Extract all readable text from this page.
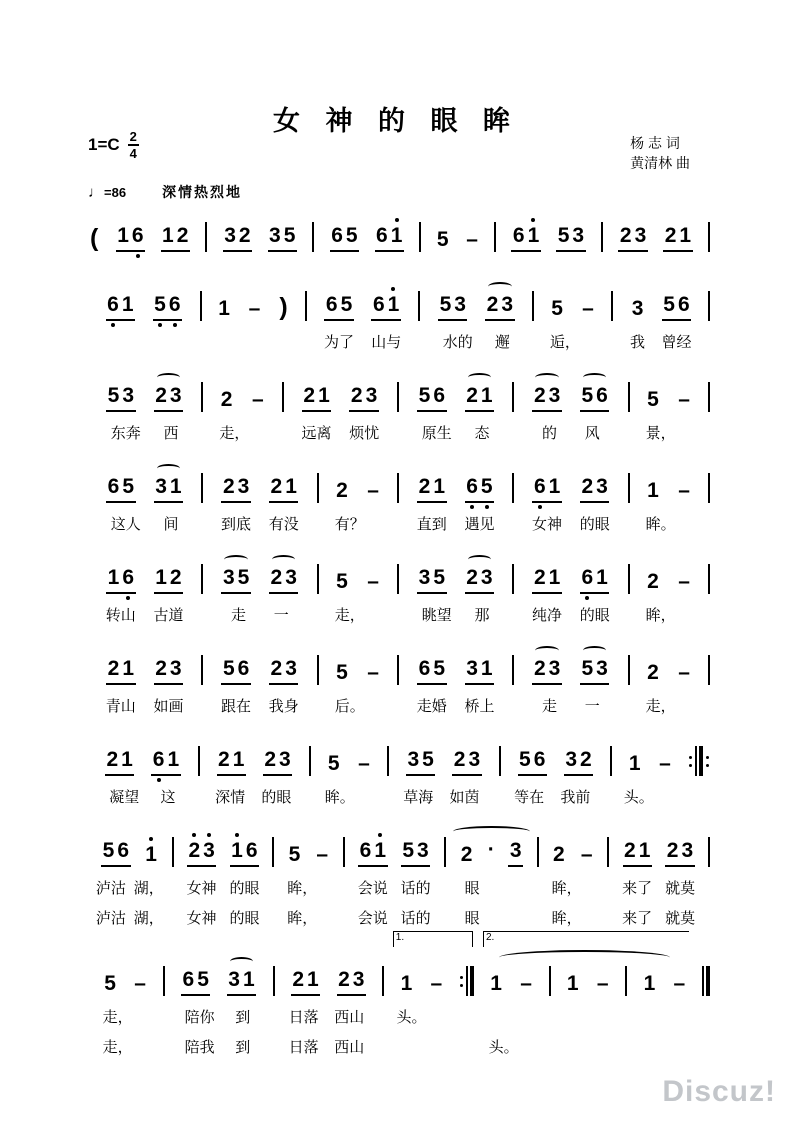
女 神 的 眼 眸
$1=C \frac{2}{4}$	杨 志 词
黄清林 曲
♩ =86	深情热烈地
( 1 6 1 2 3 2 3 5 6 5 6 1 5 – 6 1 5 3 2 3 2 1
6 1 5 6 1 – ) 6 5 6 1 5 3 2 3 5 – 3 5 6
为了 山与	水的 邂	逅，	我 曾经
5 3 2 3 2 – 2 1 2 3 5 6 2 1 2 3 5 6 5 –
东奔 西	走，	远离 烦忧	原生 态	的 风	景，
6 5 3 1 2 3 2 1 2 – 2 1 6 5 6 1 2 3 1 –
这人 间	到底 有没 有？	直到 遇见	女神 的眼 眸。
1 6 1 2 3 5 2 3 5 – 3 5 2 3 2 1 6 1 2 –
转山 古道	走 一	走，	眺望 那	纯净 的眼 眸，
2 1 2 3 5 6 2 3 5 – 6 5 3 1 2 3 5 3 2 –
青山 如画	跟在 我身 后。	走婚 桥上	走 一	走，
2 1 6 1 2 1 2 3 5 – 3 5 2 3 5 6 3 2 1 –
凝望 这	深情 的眼 眸。	草海 如茵 等在 我前 头。
5 6 1 2 3 1 6 5 – 6 1 5 3 2 · 3 2 – 2 1 2 3
泸沽 湖， 女神 的眼 眸，	会说 话的 眼	眸，	来了 就莫
泸沽 湖， 女神 的眼 眸，	会说 话的 眼	眸，	来了 就莫
5 – 6 5 3 1 2 1 2 3 1 – 1 – 1 – 1 –
1.	2.
走，	陪你 到	日落 西山 头。
走，	陪我 到	日落 西山	头。
Discuz!
